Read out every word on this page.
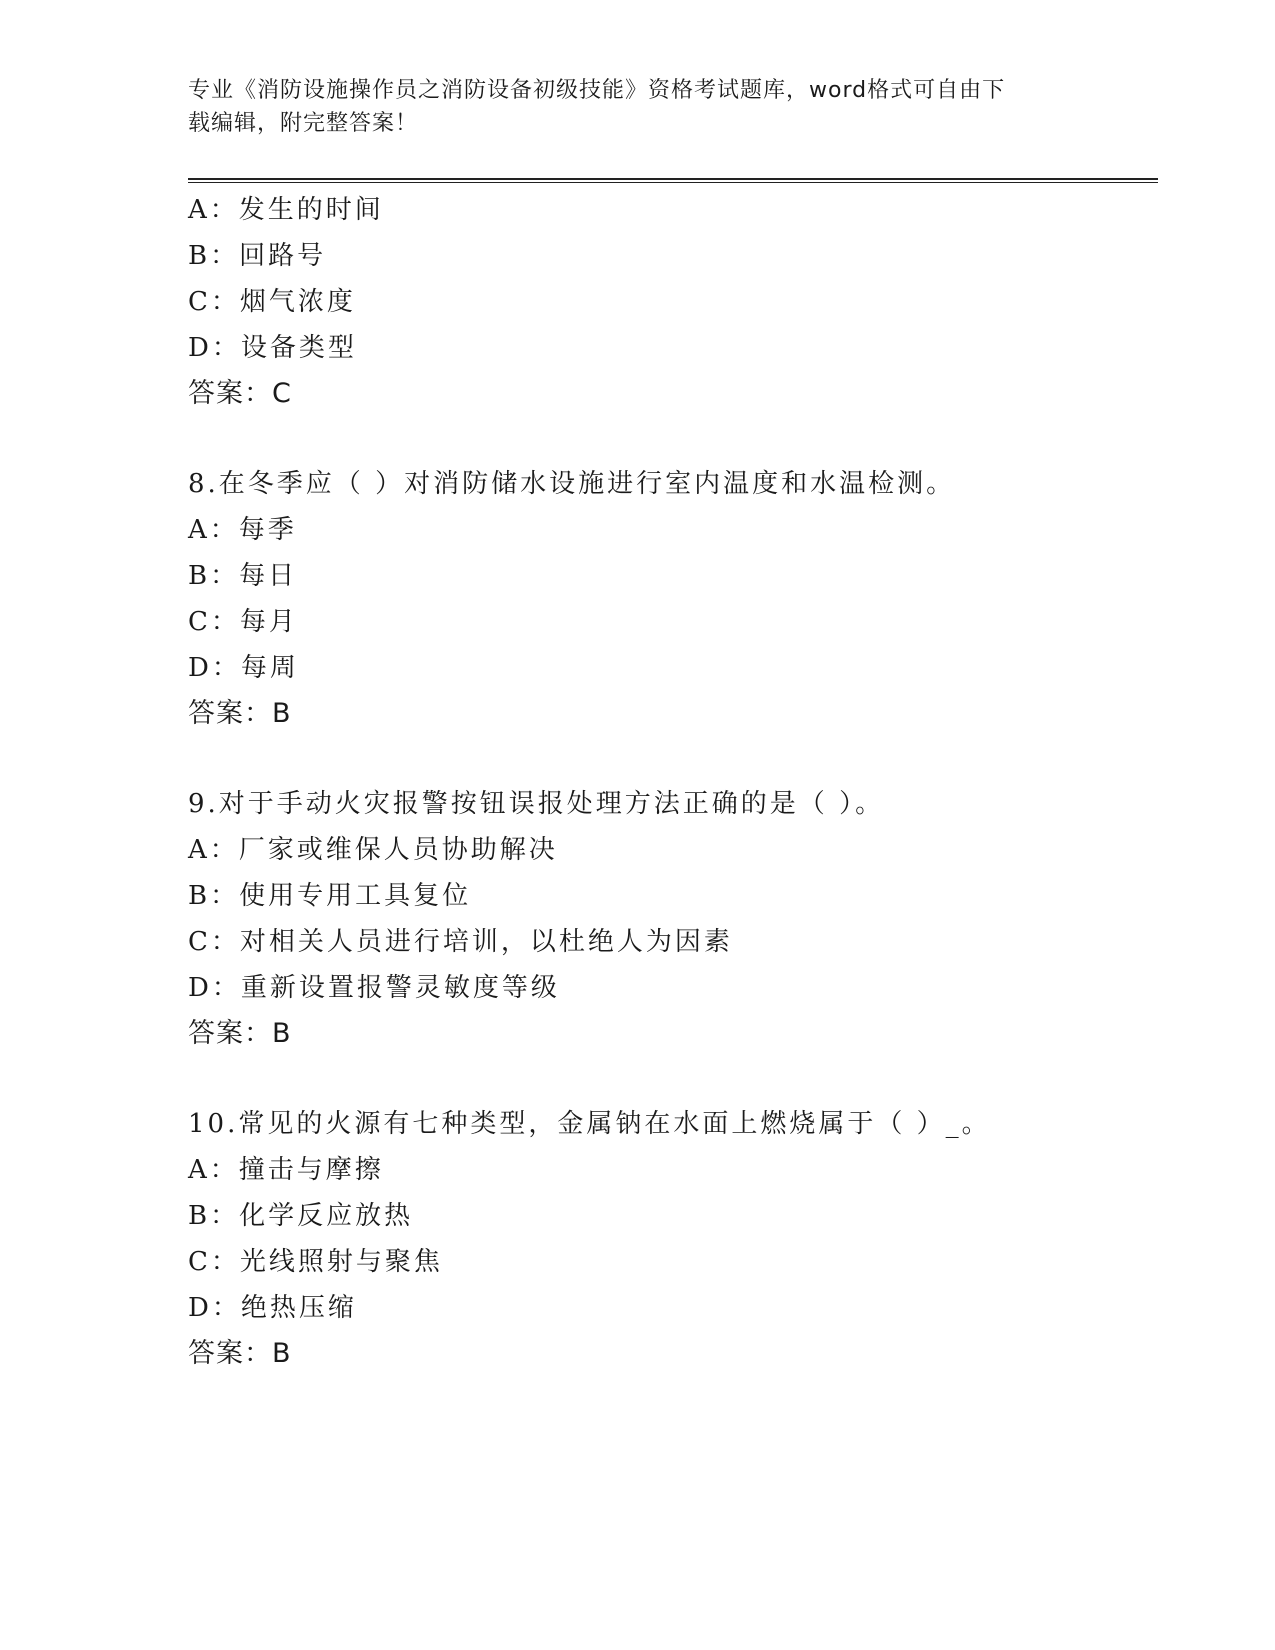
专业《消防设施操作员之消防设备初级技能》资格考试题库，word格式可自由下
载编辑，附完整答案！
A：发生的时间
B：回路号
C：烟气浓度
D：设备类型
答案：C
8.在冬季应（ ）对消防储水设施进行室内温度和水温检测。
A：每季
B：每日
C：每月
D：每周
答案：B
9.对于手动火灾报警按钮误报处理方法正确的是（ ）。
A：厂家或维保人员协助解决
B：使用专用工具复位
C：对相关人员进行培训，以杜绝人为因素
D：重新设置报警灵敏度等级
答案：B
10.常见的火源有七种类型，金属钠在水面上燃烧属于（ ）_。
A：撞击与摩擦
B：化学反应放热
C：光线照射与聚焦
D：绝热压缩
答案：B
